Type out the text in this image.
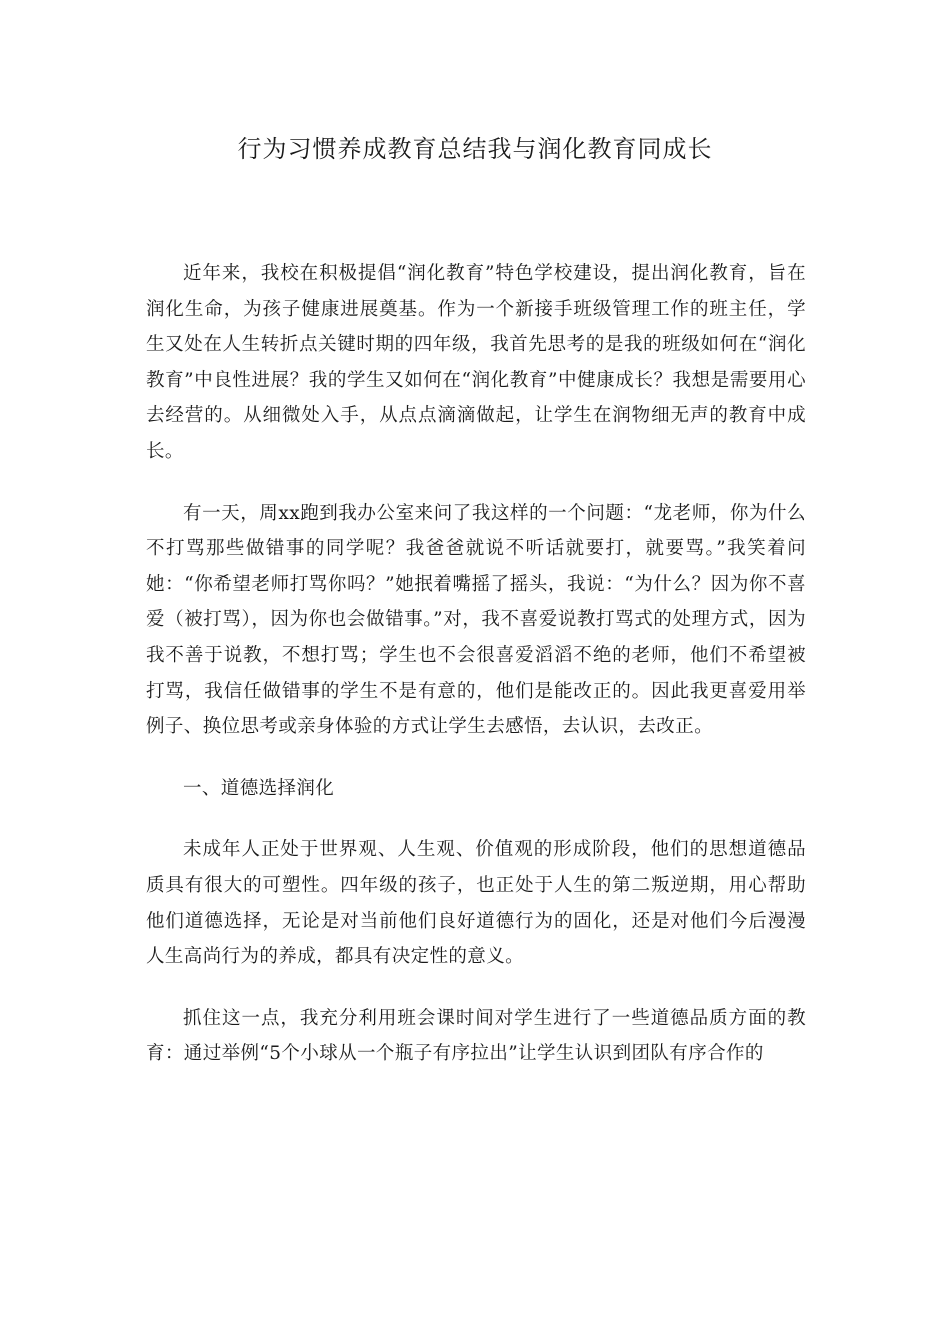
行为习惯养成教育总结我与润化教育同成长

近年来，我校在积极提倡“润化教育”特色学校建设，提出润化教育，旨在润化生命，为孩子健康进展奠基。作为一个新接手班级管理工作的班主任，学生又处在人生转折点关键时期的四年级，我首先思考的是我的班级如何在“润化教育”中良性进展？我的学生又如何在“润化教育”中健康成长？我想是需要用心去经营的。从细微处入手，从点点滴滴做起，让学生在润物细无声的教育中成长。

有一天，周xx跑到我办公室来问了我这样的一个问题：“龙老师，你为什么不打骂那些做错事的同学呢？我爸爸就说不听话就要打，就要骂。”我笑着问她：“你希望老师打骂你吗？”她抿着嘴摇了摇头，我说：“为什么？因为你不喜爱（被打骂），因为你也会做错事。”对，我不喜爱说教打骂式的处理方式，因为我不善于说教，不想打骂；学生也不会很喜爱滔滔不绝的老师，他们不希望被打骂，我信任做错事的学生不是有意的，他们是能改正的。因此我更喜爱用举例子、换位思考或亲身体验的方式让学生去感悟，去认识，去改正。

一、道德选择润化

未成年人正处于世界观、人生观、价值观的形成阶段，他们的思想道德品质具有很大的可塑性。四年级的孩子，也正处于人生的第二叛逆期，用心帮助他们道德选择，无论是对当前他们良好道德行为的固化，还是对他们今后漫漫人生高尚行为的养成，都具有决定性的意义。

抓住这一点，我充分利用班会课时间对学生进行了一些道德品质方面的教育：通过举例“5个小球从一个瓶子有序拉出”让学生认识到团队有序合作的
